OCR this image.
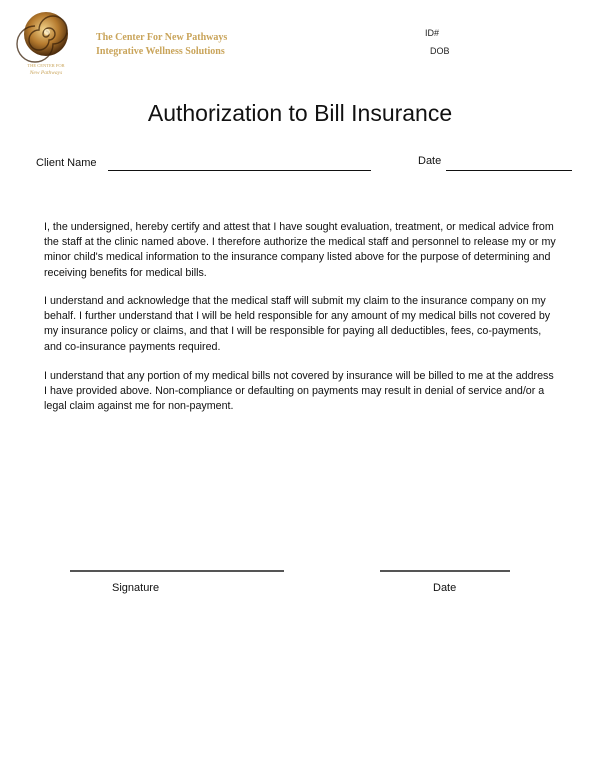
THE CENTER FOR
New Pathways
The Center For New Pathways
Integrative Wellness Solutions
ID#
DOB
Authorization to Bill Insurance
Client Name	Date

I, the undersigned, hereby certify and attest that I have sought evaluation, treatment, or medical advice from the staff at the clinic named above. I therefore authorize the medical staff and personnel to release my or my minor child's medical information to the insurance company listed above for the purpose of determining and receiving benefits for medical bills.

I understand and acknowledge that the medical staff will submit my claim to the insurance company on my behalf. I further understand that I will be held responsible for any amount of my medical bills not covered by my insurance policy or claims, and that I will be responsible for paying all deductibles, fees, co-payments, and co-insurance payments required.

I understand that any portion of my medical bills not covered by insurance will be billed to me at the address I have provided above. Non-compliance or defaulting on payments may result in denial of service and/or a legal claim against me for non-payment.

Signature	Date
